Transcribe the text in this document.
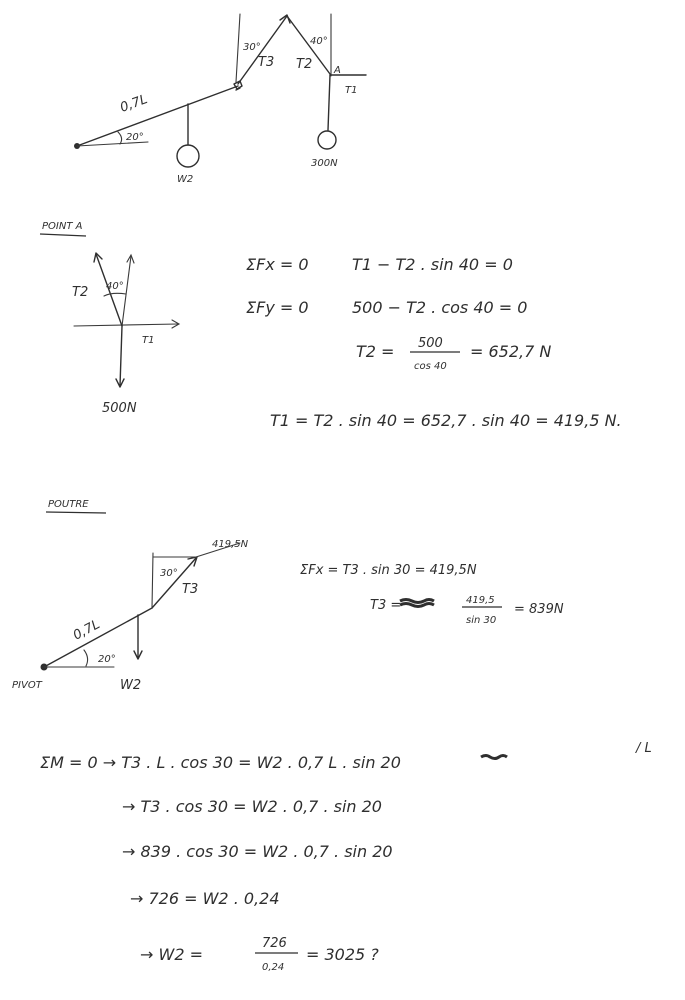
0,7L
20°
30°
T3 T2
40°
A
T1
W2
300N
POINT A
T2 40°
T1
500N
ΣFx = 0	T1 − T2 . sin 40 = 0
ΣFy = 0	500 − T2 . cos 40 = 0
T2 = 500
cos 40
= 652,7 N
T1 = T2 . sin 40 = 652,7 . sin 40 = 419,5 N.
POUTRE
419,5N
30°
T3
0,7L
20°
PIVOT	W2
ΣFx = T3 . sin 30 = 419,5N
T3 =	419,5
sin 30
= 839N
ΣM = 0 → T3 . L . cos 30 = W2 . 0,7 L . sin 20
/ L
→ T3 . cos 30 = W2 . 0,7 . sin 20
→ 839 . cos 30 = W2 . 0,7 . sin 20
→ 726 = W2 . 0,24
→ W2 =
726
0,24
= 3025 ?
